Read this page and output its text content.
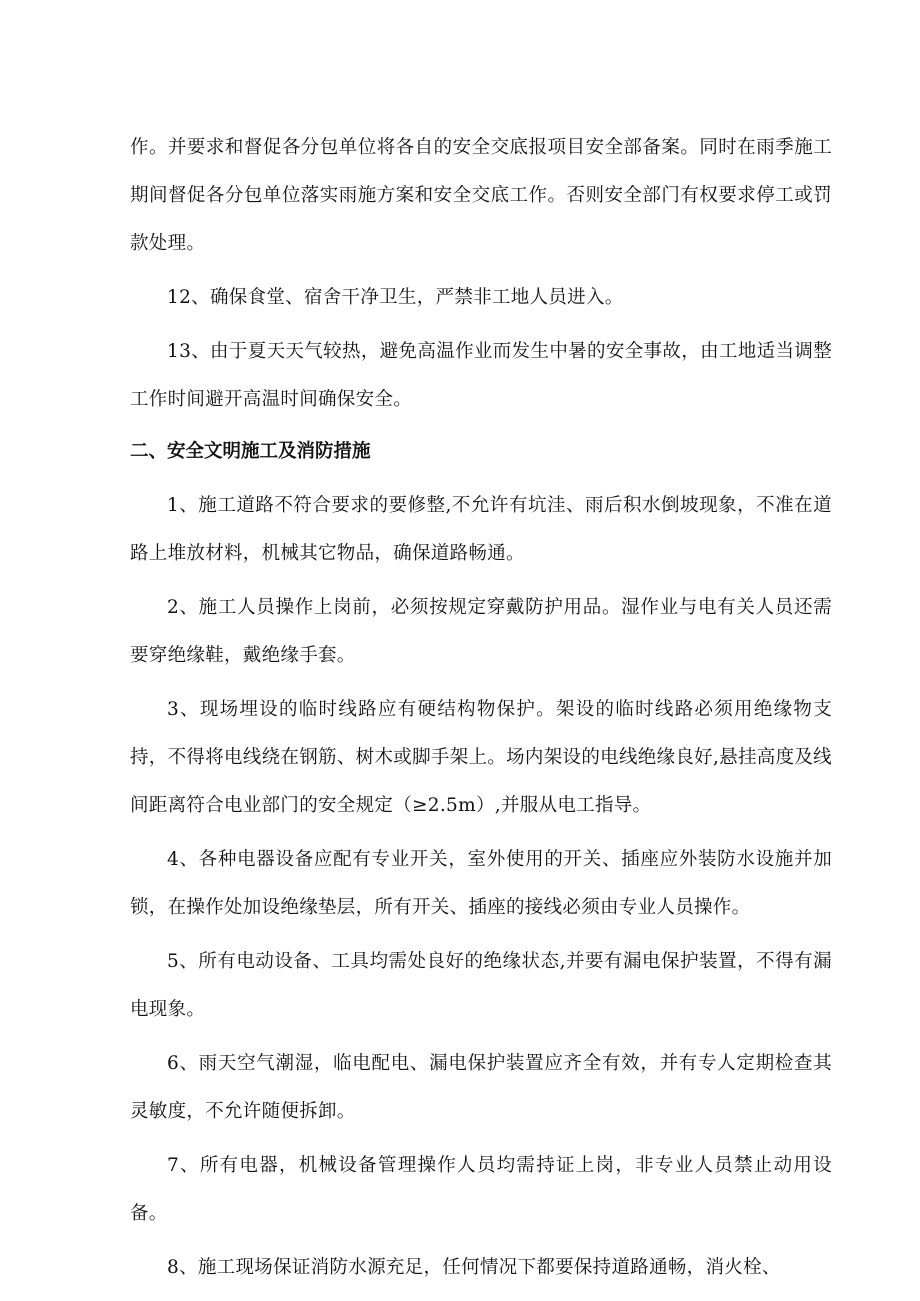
作。并要求和督促各分包单位将各自的安全交底报项目安全部备案。同时在雨季施工期间督促各分包单位落实雨施方案和安全交底工作。否则安全部门有权要求停工或罚款处理。

12、确保食堂、宿舍干净卫生，严禁非工地人员进入。

13、由于夏天天气较热，避免高温作业而发生中暑的安全事故，由工地适当调整工作时间避开高温时间确保安全。

二、安全文明施工及消防措施

1、施工道路不符合要求的要修整,不允许有坑洼、雨后积水倒坡现象，不准在道路上堆放材料，机械其它物品，确保道路畅通。

2、施工人员操作上岗前，必须按规定穿戴防护用品。湿作业与电有关人员还需要穿绝缘鞋，戴绝缘手套。

3、现场埋设的临时线路应有硬结构物保护。架设的临时线路必须用绝缘物支持，不得将电线绕在钢筋、树木或脚手架上。场内架设的电线绝缘良好,悬挂高度及线间距离符合电业部门的安全规定（≥2.5m）,并服从电工指导。

4、各种电器设备应配有专业开关，室外使用的开关、插座应外装防水设施并加锁，在操作处加设绝缘垫层，所有开关、插座的接线必须由专业人员操作。

5、所有电动设备、工具均需处良好的绝缘状态,并要有漏电保护装置，不得有漏电现象。

6、雨天空气潮湿，临电配电、漏电保护装置应齐全有效，并有专人定期检查其灵敏度，不允许随便拆卸。

7、所有电器，机械设备管理操作人员均需持证上岗，非专业人员禁止动用设备。

8、施工现场保证消防水源充足，任何情况下都要保持道路通畅，消火栓、
